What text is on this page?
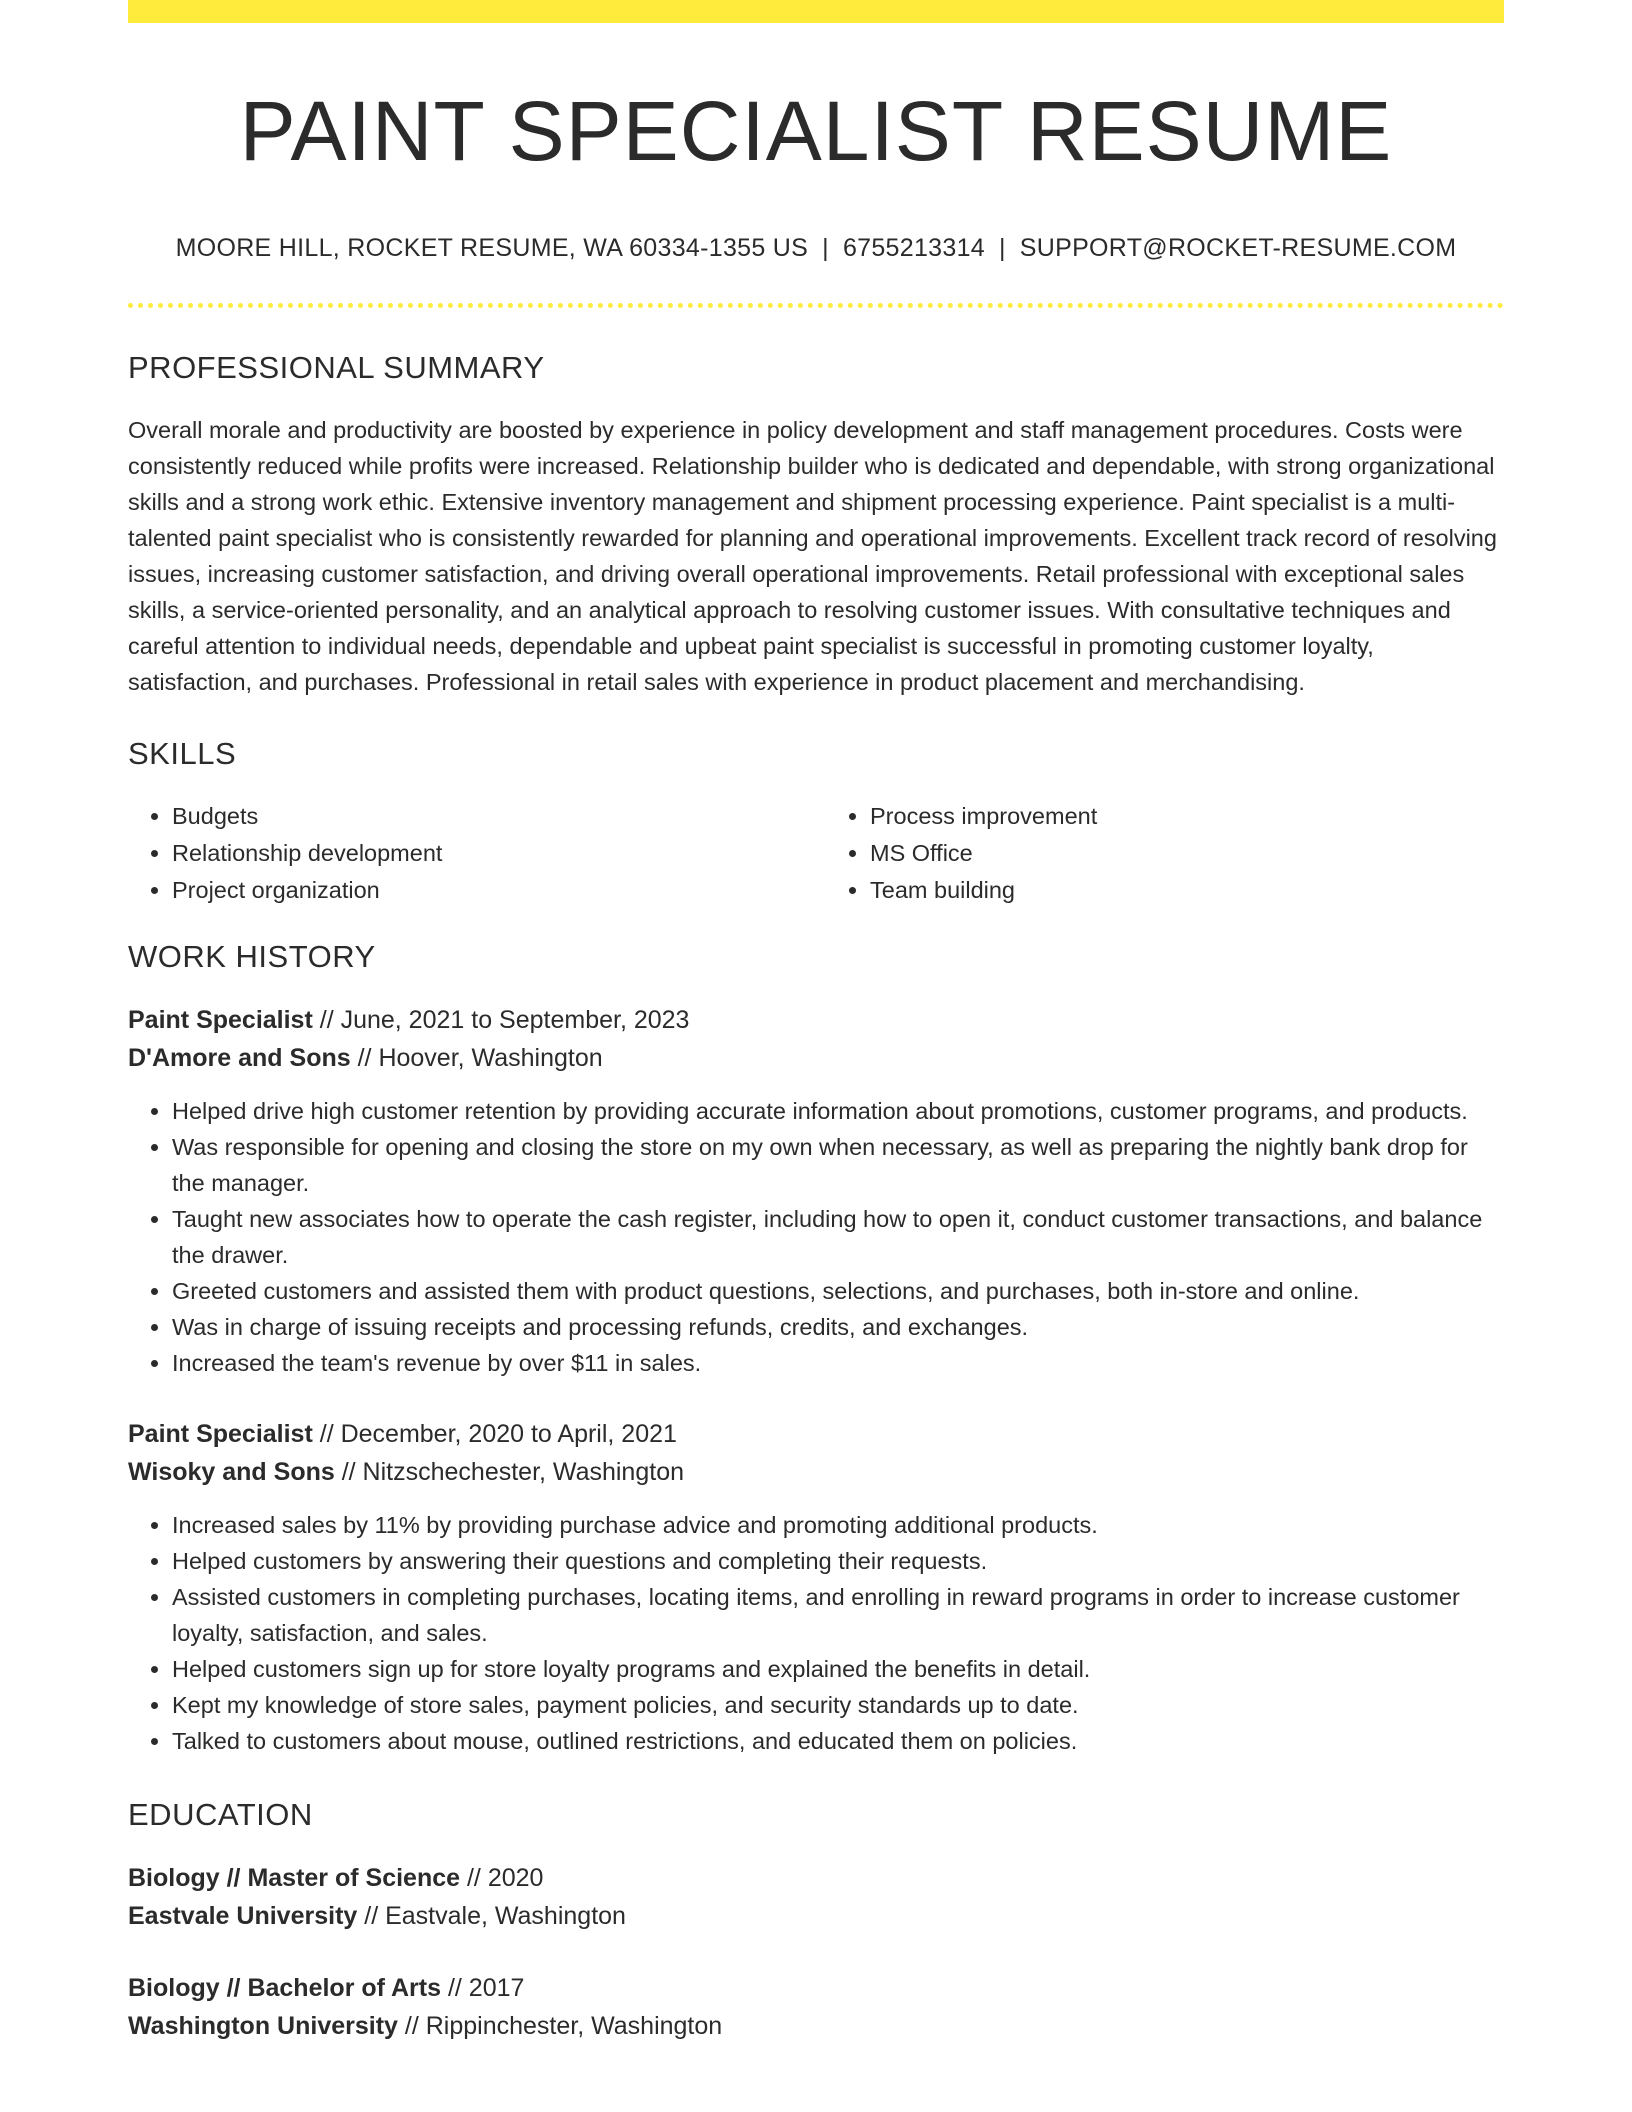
PAINT SPECIALIST RESUME
MOORE HILL, ROCKET RESUME, WA 60334-1355 US | 6755213314 | SUPPORT@ROCKET-RESUME.COM
PROFESSIONAL SUMMARY
Overall morale and productivity are boosted by experience in policy development and staff management procedures. Costs were consistently reduced while profits were increased. Relationship builder who is dedicated and dependable, with strong organizational skills and a strong work ethic. Extensive inventory management and shipment processing experience. Paint specialist is a multi-talented paint specialist who is consistently rewarded for planning and operational improvements. Excellent track record of resolving issues, increasing customer satisfaction, and driving overall operational improvements. Retail professional with exceptional sales skills, a service-oriented personality, and an analytical approach to resolving customer issues. With consultative techniques and careful attention to individual needs, dependable and upbeat paint specialist is successful in promoting customer loyalty, satisfaction, and purchases. Professional in retail sales with experience in product placement and merchandising.
SKILLS
• Budgets
• Relationship development
• Project organization
• Process improvement
• MS Office
• Team building
WORK HISTORY
Paint Specialist // June, 2021 to September, 2023
D'Amore and Sons // Hoover, Washington
• Helped drive high customer retention by providing accurate information about promotions, customer programs, and products.
• Was responsible for opening and closing the store on my own when necessary, as well as preparing the nightly bank drop for the manager.
• Taught new associates how to operate the cash register, including how to open it, conduct customer transactions, and balance the drawer.
• Greeted customers and assisted them with product questions, selections, and purchases, both in-store and online.
• Was in charge of issuing receipts and processing refunds, credits, and exchanges.
• Increased the team's revenue by over $11 in sales.
Paint Specialist // December, 2020 to April, 2021
Wisoky and Sons // Nitzschechester, Washington
• Increased sales by 11% by providing purchase advice and promoting additional products.
• Helped customers by answering their questions and completing their requests.
• Assisted customers in completing purchases, locating items, and enrolling in reward programs in order to increase customer loyalty, satisfaction, and sales.
• Helped customers sign up for store loyalty programs and explained the benefits in detail.
• Kept my knowledge of store sales, payment policies, and security standards up to date.
• Talked to customers about mouse, outlined restrictions, and educated them on policies.
EDUCATION
Biology // Master of Science // 2020
Eastvale University // Eastvale, Washington
Biology // Bachelor of Arts // 2017
Washington University // Rippinchester, Washington
